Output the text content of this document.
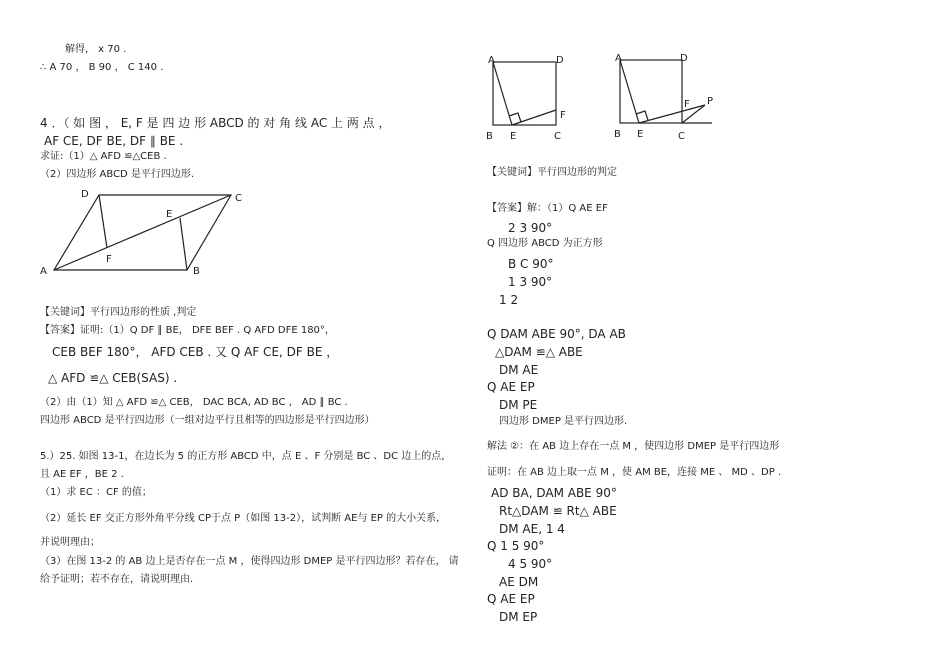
解得， x 70 .
∴ A 70 ， B 90 ， C 140 .
4 ．（ 如 图 ， E, F 是 四 边 形 ABCD 的 对 角 线 AC 上 两 点 ，
AF CE, DF BE, DF ∥ BE .
求证:（1）△ AFD ≌△CEB .
（2）四边形 ABCD 是平行四边形.
D	C
E
F
A	B
【关键词】平行四边形的性质 ,判定
【答案】证明:（1）Q DF ∥ BE， DFE BEF . Q AFD DFE 180°，
CEB BEF 180°， AFD CEB . 又 Q AF CE, DF BE ，
△ AFD ≌△ CEB(SAS) .
（2）由（1）知 △ AFD ≌△ CEB， DAC BCA, AD BC ， AD ∥ BC .
四边形 ABCD 是平行四边形（一组对边平行且相等的四边形是平行四边形）
5.）25. 如图 13-1，在边长为 5 的正方形 ABCD 中，点 E 、F 分别是 BC 、DC 边上的点，
且 AE EF ，BE 2 .
（1）求 EC ：CF 的值；
（2）延长 EF 交正方形外角平分线 CP于点 P（如图 13-2），试判断 AE与 EP 的大小关系，
并说明理由；
（3）在图 13-2 的 AB 边上是否存在一点 M ，使得四边形 DMEP 是平行四边形？若存在， 请
给予证明；若不存在，请说明理由.
A	D
F
B E	C
A	D
F P
B E	C
【关键词】平行四边形的判定
【答案】解：（1）Q AE EF
2 3 90°
Q 四边形 ABCD 为正方形
B C 90°
1 3 90°
1 2
Q DAM ABE 90°, DA AB
△DAM ≌△ ABE
DM AE
Q AE EP
DM PE
四边形 DMEP 是平行四边形.
解法 ②：在 AB 边上存在一点 M ，使四边形 DMEP 是平行四边形
证明：在 AB 边上取一点 M ，使 AM BE，连接 ME 、 MD 、DP .
AD BA, DAM ABE 90°
Rt△DAM ≌ Rt△ ABE
DM AE, 1 4
Q 1 5 90°
4 5 90°
AE DM
Q AE EP
DM EP
